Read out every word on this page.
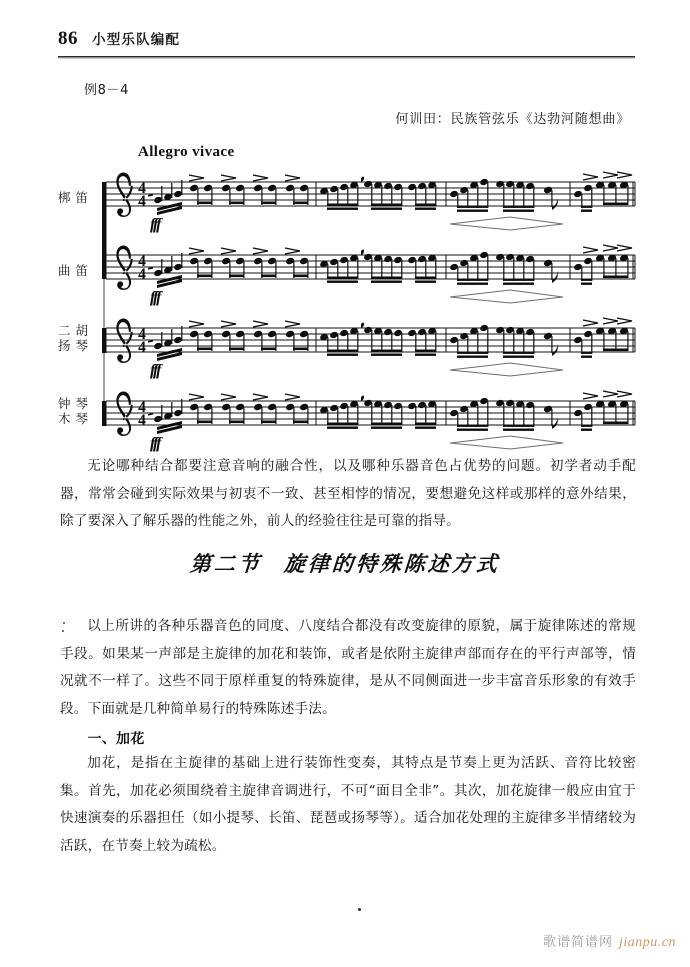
86 小型乐队编配
例8－4
何训田：民族管弦乐《达勃河随想曲》
Allegro vivace
梆笛
曲笛
二胡
扬琴
钟琴
木琴
fff
fff
fff
fff
4
4
4
4
4
4
4
4
无论哪种结合都要注意音响的融合性，以及哪种乐器音色占优势的问题。初学者动手配器，常常会碰到实际效果与初衷不一致、甚至相悖的情况，要想避免这样或那样的意外结果，除了要深入了解乐器的性能之外，前人的经验往往是可靠的指导。
第二节 旋律的特殊陈述方式
以上所讲的各种乐器音色的同度、八度结合都没有改变旋律的原貌，属于旋律陈述的常规手段。如果某一声部是主旋律的加花和装饰，或者是依附主旋律声部而存在的平行声部等，情况就不一样了。这些不同于原样重复的特殊旋律，是从不同侧面进一步丰富音乐形象的有效手段。下面就是几种简单易行的特殊陈述手法。
一、加花
加花，是指在主旋律的基础上进行装饰性变奏，其特点是节奏上更为活跃、音符比较密集。首先，加花必须围绕着主旋律音调进行，不可“面目全非”。其次，加花旋律一般应由宜于快速演奏的乐器担任（如小提琴、长笛、琵琶或扬琴等）。适合加花处理的主旋律多半情绪较为活跃，在节奏上较为疏松。
歌谱简谱网 jianpu.cn
